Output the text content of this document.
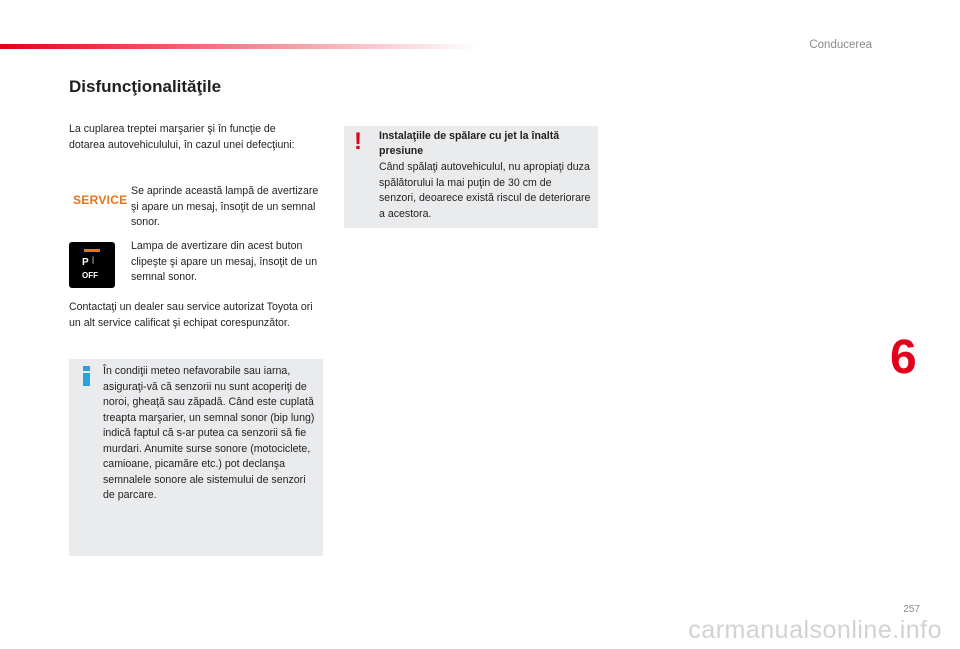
Conducerea
Disfuncţionalităţile

La cuplarea treptei marşarier şi în funcţie de dotarea autovehiculului, în cazul unei defecţiuni:

SERVICE

Se aprinde această lampă de avertizare şi apare un mesaj, însoţit de un semnal sonor.

P ⦚
OFF

Lampa de avertizare din acest buton clipeşte şi apare un mesaj, însoţit de un semnal sonor.

Contactaţi un dealer sau service autorizat Toyota ori un alt service calificat şi echipat corespunzător.

În condiţii meteo nefavorabile sau iarna, asiguraţi-vă că senzorii nu sunt acoperiţi de noroi, gheaţă sau zăpadă. Când este cuplată treapta marşarier, un semnal sonor (bip lung) indică faptul că s-ar putea ca senzorii să fie murdari. Anumite surse sonore (motociclete, camioane, picamăre etc.) pot declanşa semnalele sonore ale sistemului de senzori de parcare.

! Instalaţiile de spălare cu jet la înaltă presiune

Când spălaţi autovehiculul, nu apropiaţi duza spălătorului la mai puţin de 30 cm de senzori, deoarece există riscul de deteriorare a acestora.

6
257
carmanualsonline.info
